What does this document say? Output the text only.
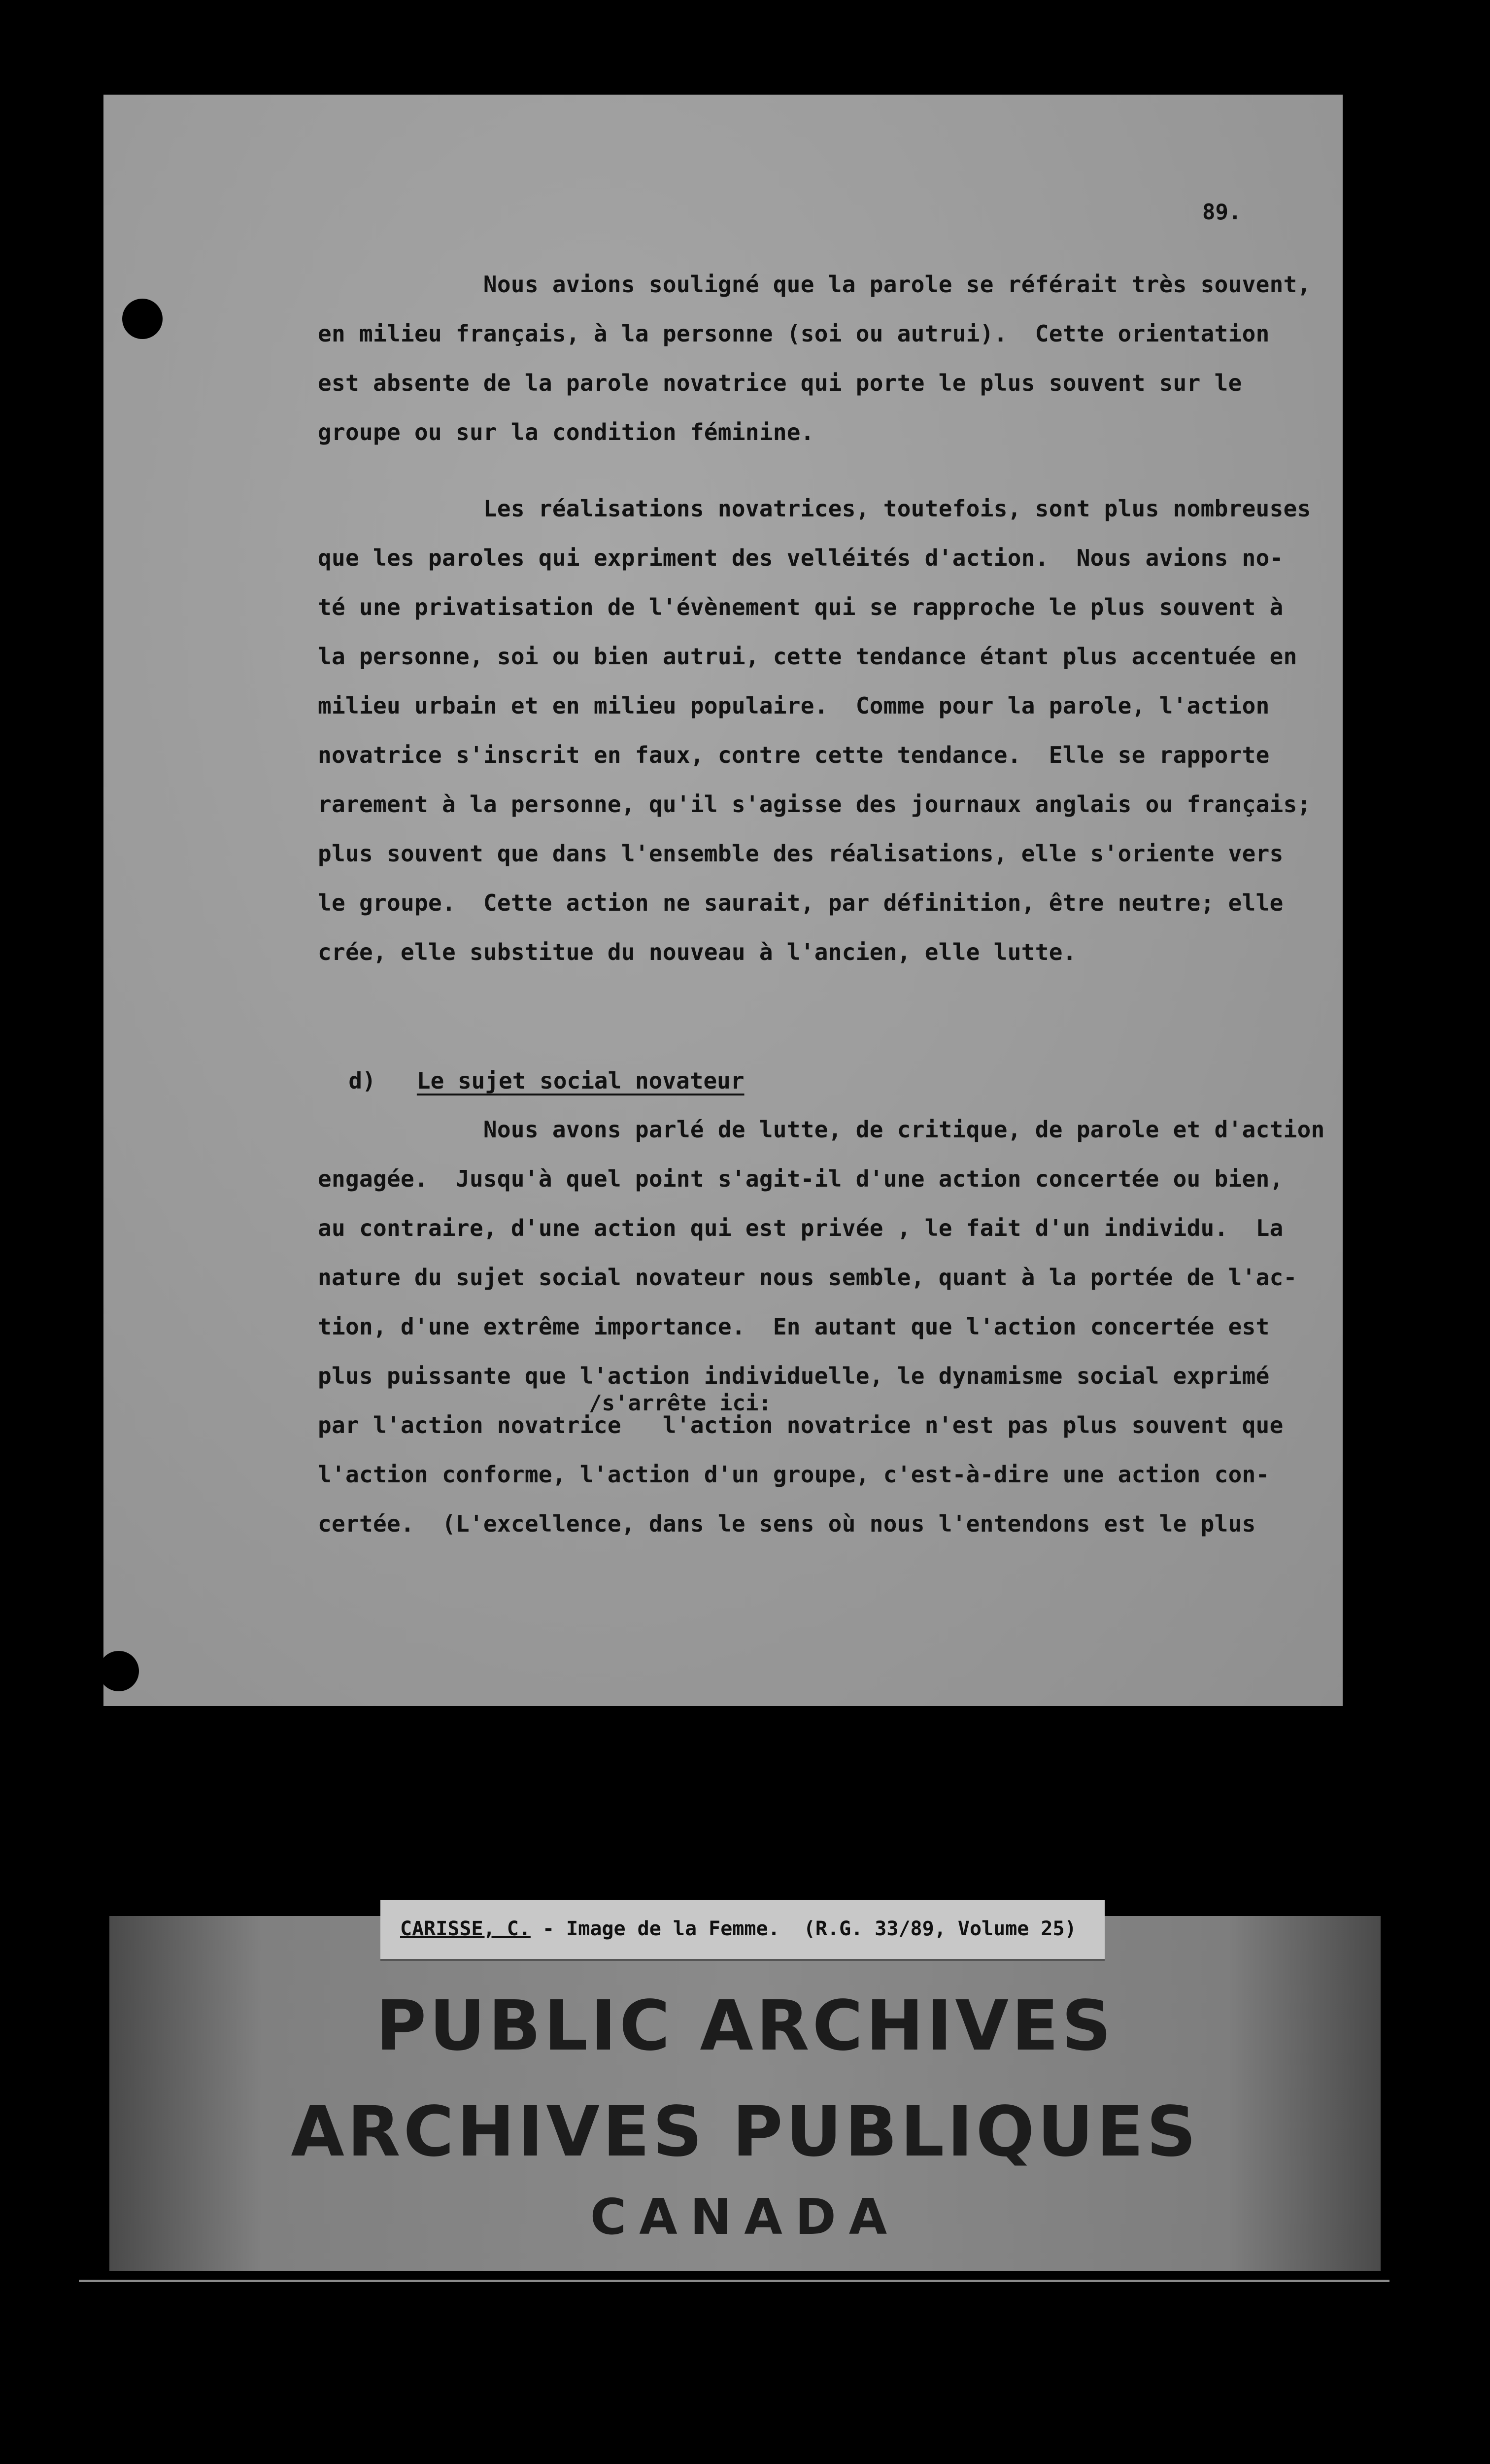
89.
Nous avions souligné que la parole se référait très souvent,
en milieu français, à la personne (soi ou autrui).  Cette orientation
est absente de la parole novatrice qui porte le plus souvent sur le
groupe ou sur la condition féminine.
Les réalisations novatrices, toutefois, sont plus nombreuses
que les paroles qui expriment des velléités d'action.  Nous avions no-
té une privatisation de l'évènement qui se rapproche le plus souvent à
la personne, soi ou bien autrui, cette tendance étant plus accentuée en
milieu urbain et en milieu populaire.  Comme pour la parole, l'action
novatrice s'inscrit en faux, contre cette tendance.  Elle se rapporte
rarement à la personne, qu'il s'agisse des journaux anglais ou français;
plus souvent que dans l'ensemble des réalisations, elle s'oriente vers
le groupe.  Cette action ne saurait, par définition, être neutre; elle
crée, elle substitue du nouveau à l'ancien, elle lutte.

d) Le sujet social novateur

Nous avons parlé de lutte, de critique, de parole et d'action
engagée.  Jusqu'à quel point s'agit-il d'une action concertée ou bien,
au contraire, d'une action qui est privée , le fait d'un individu.  La
nature du sujet social novateur nous semble, quant à la portée de l'ac-
tion, d'une extrême importance.  En autant que l'action concertée est
plus puissante que l'action individuelle, le dynamisme social exprimé
/s'arrête ici:
par l'action novatrice   l'action novatrice n'est pas plus souvent que
l'action conforme, l'action d'un groupe, c'est-à-dire une action con-
certée.  (L'excellence, dans le sens où nous l'entendons est le plus
CARISSE, C. - Image de la Femme.  (R.G. 33/89, Volume 25)
PUBLIC ARCHIVES
ARCHIVES PUBLIQUES
CANADA
